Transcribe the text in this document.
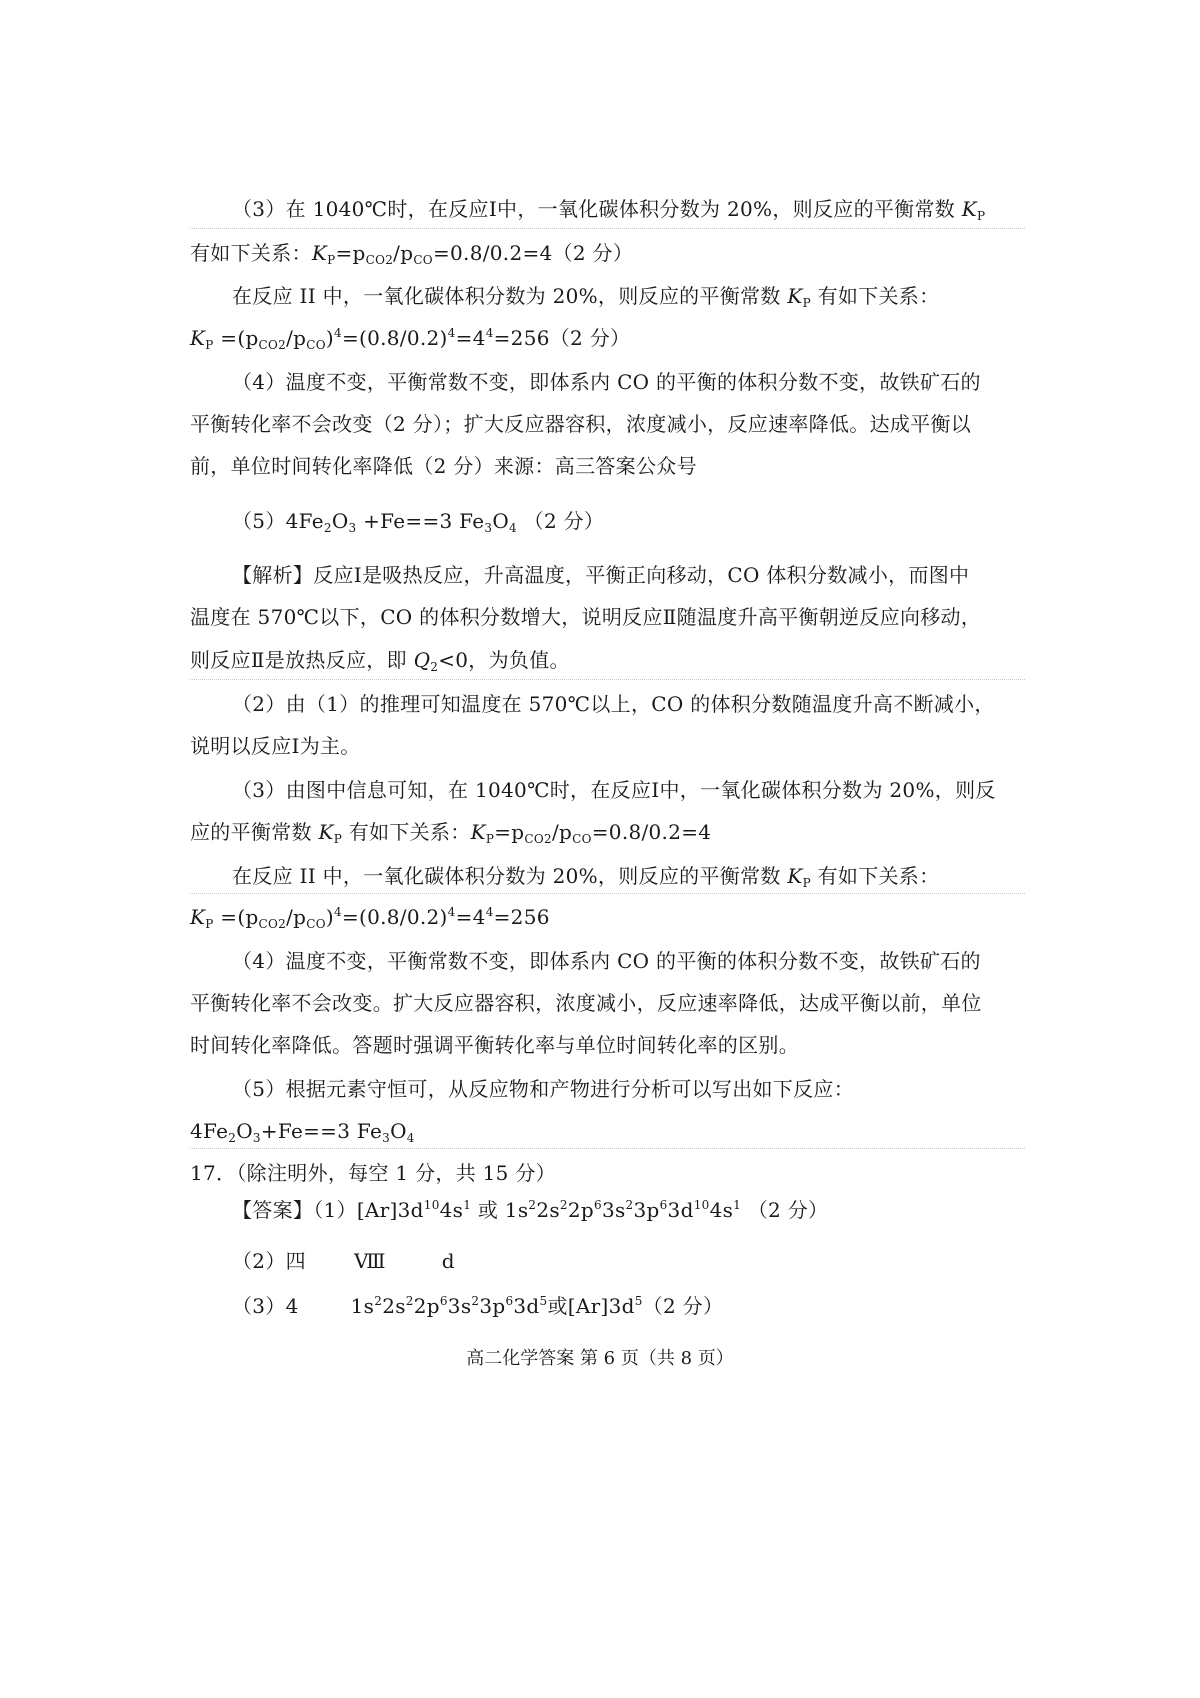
（3）在 1040℃时，在反应Ⅰ中，一氧化碳体积分数为 20%，则反应的平衡常数 $K_P$
有如下关系：$K_P=p_{CO2}/p_{CO}=0.8/0.2=4(2$ 分）
在反应 II 中，一氧化碳体积分数为 20%，则反应的平衡常数 $K_P$ 有如下关系：
$K_P =(p_{CO2}/p_{CO})^4=(0.8/0.2)^4=4^4=256(2$ 分）
（4）温度不变，平衡常数不变，即体系内 CO 的平衡的体积分数不变，故铁矿石的
平衡转化率不会改变（2 分）；扩大反应器容积，浓度减小，反应速率降低。达成平衡以
前，单位时间转化率降低（2 分）来源：高三答案公众号
$(5)4Fe_2O_3 +Fe==3$ $Fe_3O_4$ （2 分）
【解析】反应Ⅰ是吸热反应，升高温度，平衡正向移动，CO 体积分数减小，而图中
温度在 570℃以下，CO 的体积分数增大，说明反应Ⅱ随温度升高平衡朝逆反应向移动，
则反应Ⅱ是放热反应，即 $Q_2<0$，为负值。
（2）由（1）的推理可知温度在 570℃以上，CO 的体积分数随温度升高不断减小，
说明以反应Ⅰ为主。
（3）由图中信息可知，在 1040℃时，在反应Ⅰ中，一氧化碳体积分数为 20%，则反
应的平衡常数 $K_P$ 有如下关系：$K_P=p_{CO2}/p_{CO}=0.8/0.2=4$
在反应 II 中，一氧化碳体积分数为 20%，则反应的平衡常数 $K_P$ 有如下关系：
$K_P =(p_{CO2}/p_{CO})^4=(0.8/0.2)^4=4^4=256$
（4）温度不变，平衡常数不变，即体系内 CO 的平衡的体积分数不变，故铁矿石的
平衡转化率不会改变。扩大反应器容积，浓度减小，反应速率降低，达成平衡以前，单位
时间转化率降低。答题时强调平衡转化率与单位时间转化率的区别。
（5）根据元素守恒可，从反应物和产物进行分析可以写出如下反应：
$4Fe_2O_3+Fe==3$ $Fe_3O_4$
17．（除注明外，每空 1 分，共 15 分）
【答案】$(1)[Ar]3d^{10}4s^1$ 或 $1s^22s^22p^63s^23p^63d^{10}4s^1$ （2 分）
（2）四 Ⅷ	d
（3）4	$1s^22s^22p^63s^23p^63d^5$或$[Ar]3d^5(2$ 分）
高二化学答案 第 6 页（共 8 页）
